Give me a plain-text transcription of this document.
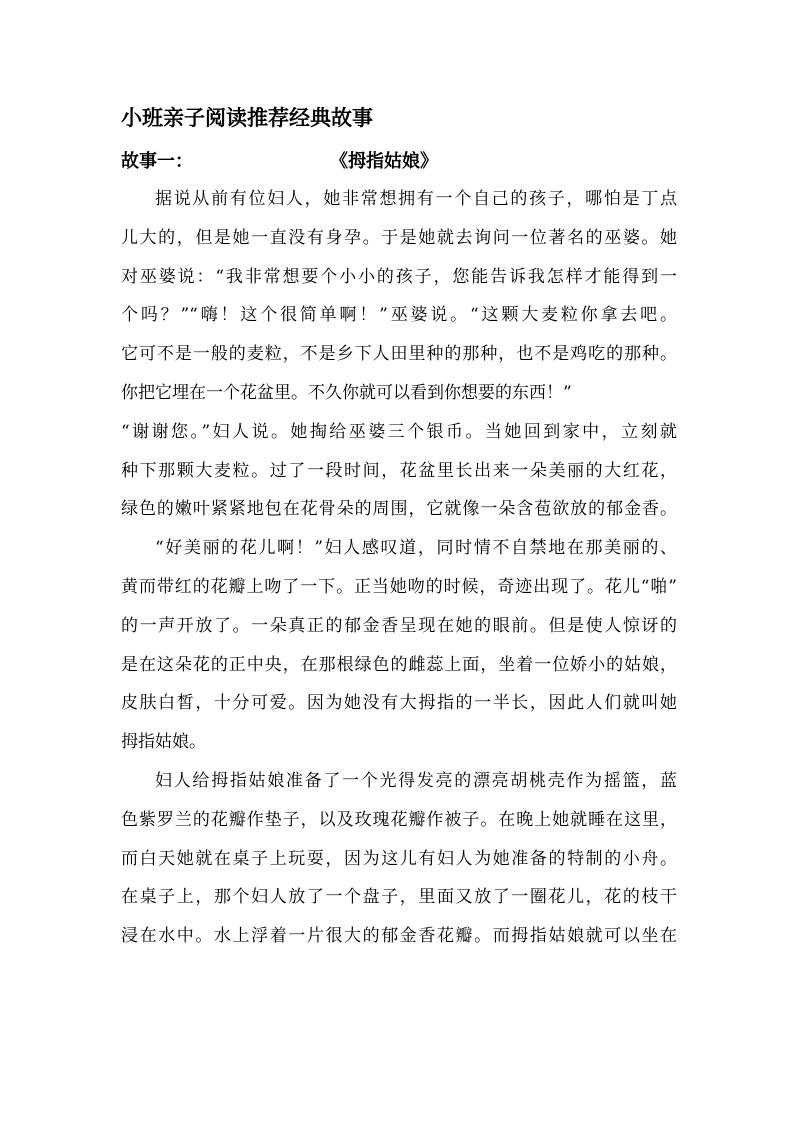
小班亲子阅读推荐经典故事
故事一：	《拇指姑娘》
据说从前有位妇人，她非常想拥有一个自己的孩子，哪怕是丁点
儿大的，但是她一直没有身孕。于是她就去询问一位著名的巫婆。她
对巫婆说：“我非常想要个小小的孩子，您能告诉我怎样才能得到一
个吗？”“嗨！这个很简单啊！”巫婆说。“这颗大麦粒你拿去吧。
它可不是一般的麦粒，不是乡下人田里种的那种，也不是鸡吃的那种。
你把它埋在一个花盆里。不久你就可以看到你想要的东西！”
“谢谢您。”妇人说。她掏给巫婆三个银币。当她回到家中，立刻就
种下那颗大麦粒。过了一段时间，花盆里长出来一朵美丽的大红花，
绿色的嫩叶紧紧地包在花骨朵的周围，它就像一朵含苞欲放的郁金香。
“好美丽的花儿啊！”妇人感叹道，同时情不自禁地在那美丽的、
黄而带红的花瓣上吻了一下。正当她吻的时候，奇迹出现了。花儿“啪”
的一声开放了。一朵真正的郁金香呈现在她的眼前。但是使人惊讶的
是在这朵花的正中央，在那根绿色的雌蕊上面，坐着一位娇小的姑娘，
皮肤白皙，十分可爱。因为她没有大拇指的一半长，因此人们就叫她
拇指姑娘。
妇人给拇指姑娘准备了一个光得发亮的漂亮胡桃壳作为摇篮，蓝
色紫罗兰的花瓣作垫子，以及玫瑰花瓣作被子。在晚上她就睡在这里，
而白天她就在桌子上玩耍，因为这儿有妇人为她准备的特制的小舟。
在桌子上，那个妇人放了一个盘子，里面又放了一圈花儿，花的枝干
浸在水中。水上浮着一片很大的郁金香花瓣。而拇指姑娘就可以坐在
